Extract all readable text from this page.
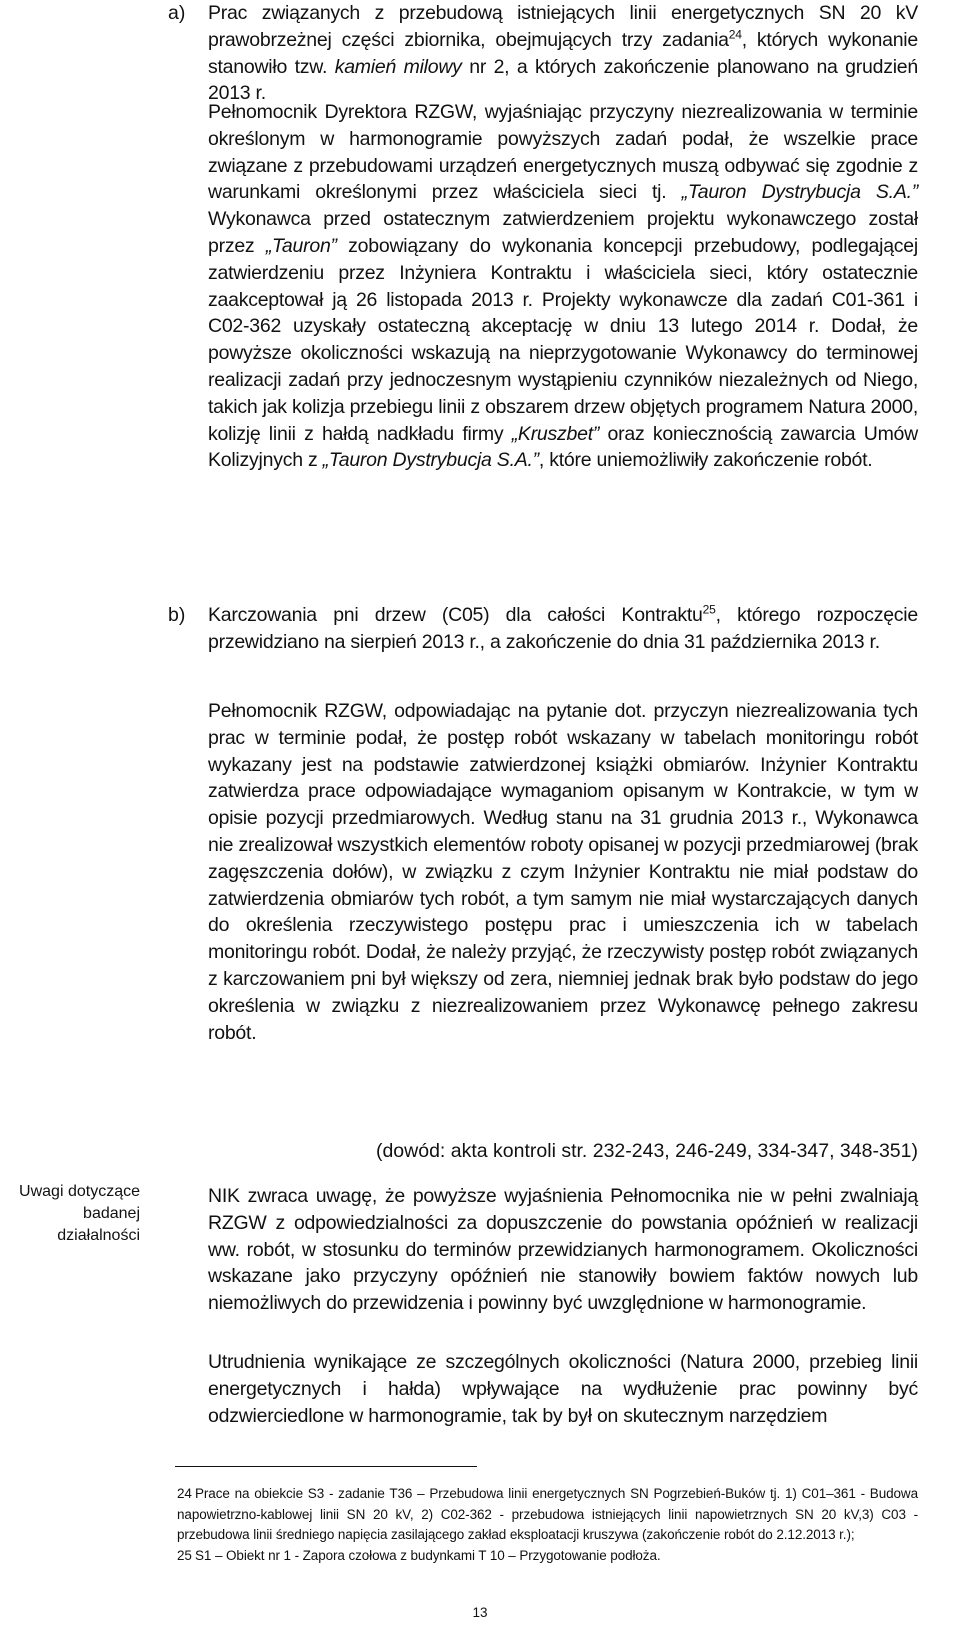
a) Prac związanych z przebudową istniejących linii energetycznych SN 20 kV prawobrzeżnej części zbiornika, obejmujących trzy zadania$^{24}$, których wykonanie stanowiło tzw. kamień milowy nr 2, a których zakończenie planowano na grudzień 2013 r.

Pełnomocnik Dyrektora RZGW, wyjaśniając przyczyny niezrealizowania w terminie określonym w harmonogramie powyższych zadań podał, że wszelkie prace związane z przebudowami urządzeń energetycznych muszą odbywać się zgodnie z warunkami określonymi przez właściciela sieci tj. „Tauron Dystrybucja S.A.” Wykonawca przed ostatecznym zatwierdzeniem projektu wykonawczego został przez „Tauron” zobowiązany do wykonania koncepcji przebudowy, podlegającej zatwierdzeniu przez Inżyniera Kontraktu i właściciela sieci, który ostatecznie zaakceptował ją 26 listopada 2013 r. Projekty wykonawcze dla zadań C01-361 i C02-362 uzyskały ostateczną akceptację w dniu 13 lutego 2014 r. Dodał, że powyższe okoliczności wskazują na nieprzygotowanie Wykonawcy do terminowej realizacji zadań przy jednoczesnym wystąpieniu czynników niezależnych od Niego, takich jak kolizja przebiegu linii z obszarem drzew objętych programem Natura 2000, kolizję linii z hałdą nadkładu firmy „Kruszbet” oraz koniecznością zawarcia Umów Kolizyjnych z „Tauron Dystrybucja S.A.”, które uniemożliwiły zakończenie robót.

b) Karczowania pni drzew (C05) dla całości Kontraktu$^{25}$, którego rozpoczęcie przewidziano na sierpień 2013 r., a zakończenie do dnia 31 października 2013 r.

Pełnomocnik RZGW, odpowiadając na pytanie dot. przyczyn niezrealizowania tych prac w terminie podał, że postęp robót wskazany w tabelach monitoringu robót wykazany jest na podstawie zatwierdzonej książki obmiarów. Inżynier Kontraktu zatwierdza prace odpowiadające wymaganiom opisanym w Kontrakcie, w tym w opisie pozycji przedmiarowych. Według stanu na 31 grudnia 2013 r., Wykonawca nie zrealizował wszystkich elementów roboty opisanej w pozycji przedmiarowej (brak zagęszczenia dołów), w związku z czym Inżynier Kontraktu nie miał podstaw do zatwierdzenia obmiarów tych robót, a tym samym nie miał wystarczających danych do określenia rzeczywistego postępu prac i umieszczenia ich w tabelach monitoringu robót. Dodał, że należy przyjąć, że rzeczywisty postęp robót związanych z karczowaniem pni był większy od zera, niemniej jednak brak było podstaw do jego określenia w związku z niezrealizowaniem przez Wykonawcę pełnego zakresu robót.

(dowód: akta kontroli str. 232-243, 246-249, 334-347, 348-351)
Uwagi dotyczące badanej działalności

NIK zwraca uwagę, że powyższe wyjaśnienia Pełnomocnika nie w pełni zwalniają RZGW z odpowiedzialności za dopuszczenie do powstania opóźnień w realizacji ww. robót, w stosunku do terminów przewidzianych harmonogramem. Okoliczności wskazane jako przyczyny opóźnień nie stanowiły bowiem faktów nowych lub niemożliwych do przewidzenia i powinny być uwzględnione w harmonogramie.

Utrudnienia wynikające ze szczególnych okoliczności (Natura 2000, przebieg linii energetycznych i hałda) wpływające na wydłużenie prac powinny być odzwierciedlone w harmonogramie, tak by był on skutecznym narzędziem

24 Prace na obiekcie S3 - zadanie T36 – Przebudowa linii energetycznych SN Pogrzebień-Buków tj. 1) C01–361 - Budowa napowietrzno-kablowej linii SN 20 kV, 2) C02-362 - przebudowa istniejących linii napowietrznych SN 20 kV,3) C03 - przebudowa linii średniego napięcia zasilającego zakład eksploatacji kruszywa (zakończenie robót do 2.12.2013 r.);

25 S1 – Obiekt nr 1 - Zapora czołowa z budynkami T 10 – Przygotowanie podłoża.

13
